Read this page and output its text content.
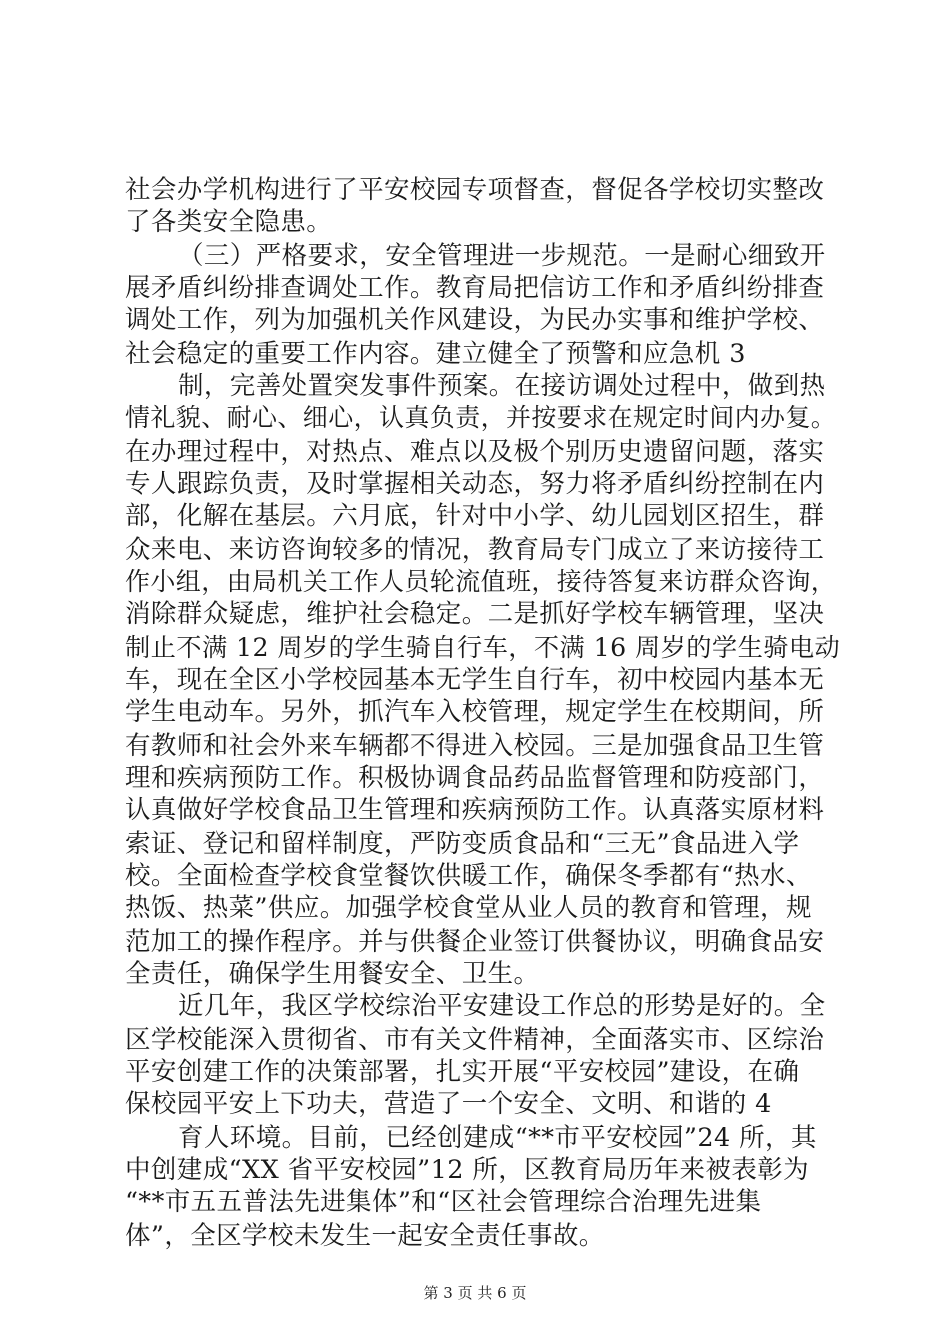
社会办学机构进行了平安校园专项督查，督促各学校切实整改
了各类安全隐患。
（三）严格要求，安全管理进一步规范。一是耐心细致开
展矛盾纠纷排查调处工作。教育局把信访工作和矛盾纠纷排查
调处工作，列为加强机关作风建设，为民办实事和维护学校、
社会稳定的重要工作内容。建立健全了预警和应急机 3
制，完善处置突发事件预案。在接访调处过程中，做到热
情礼貌、耐心、细心，认真负责，并按要求在规定时间内办复。
在办理过程中，对热点、难点以及极个别历史遗留问题，落实
专人跟踪负责，及时掌握相关动态，努力将矛盾纠纷控制在内
部，化解在基层。六月底，针对中小学、幼儿园划区招生，群
众来电、来访咨询较多的情况，教育局专门成立了来访接待工
作小组，由局机关工作人员轮流值班，接待答复来访群众咨询，
消除群众疑虑，维护社会稳定。二是抓好学校车辆管理，坚决
制止不满 12 周岁的学生骑自行车，不满 16 周岁的学生骑电动
车，现在全区小学校园基本无学生自行车，初中校园内基本无
学生电动车。另外，抓汽车入校管理，规定学生在校期间，所
有教师和社会外来车辆都不得进入校园。三是加强食品卫生管
理和疾病预防工作。积极协调食品药品监督管理和防疫部门，
认真做好学校食品卫生管理和疾病预防工作。认真落实原材料
索证、登记和留样制度，严防变质食品和“三无”食品进入学
校。全面检查学校食堂餐饮供暖工作，确保冬季都有“热水、
热饭、热菜”供应。加强学校食堂从业人员的教育和管理，规
范加工的操作程序。并与供餐企业签订供餐协议，明确食品安
全责任，确保学生用餐安全、卫生。
近几年，我区学校综治平安建设工作总的形势是好的。全
区学校能深入贯彻省、市有关文件精神，全面落实市、区综治
平安创建工作的决策部署，扎实开展“平安校园”建设，在确
保校园平安上下功夫，营造了一个安全、文明、和谐的 4
育人环境。目前，已经创建成“**市平安校园”24 所，其
中创建成“XX 省平安校园”12 所，区教育局历年来被表彰为
“**市五五普法先进集体”和“区社会管理综合治理先进集
体”，全区学校未发生一起安全责任事故。
第 3 页 共 6 页
